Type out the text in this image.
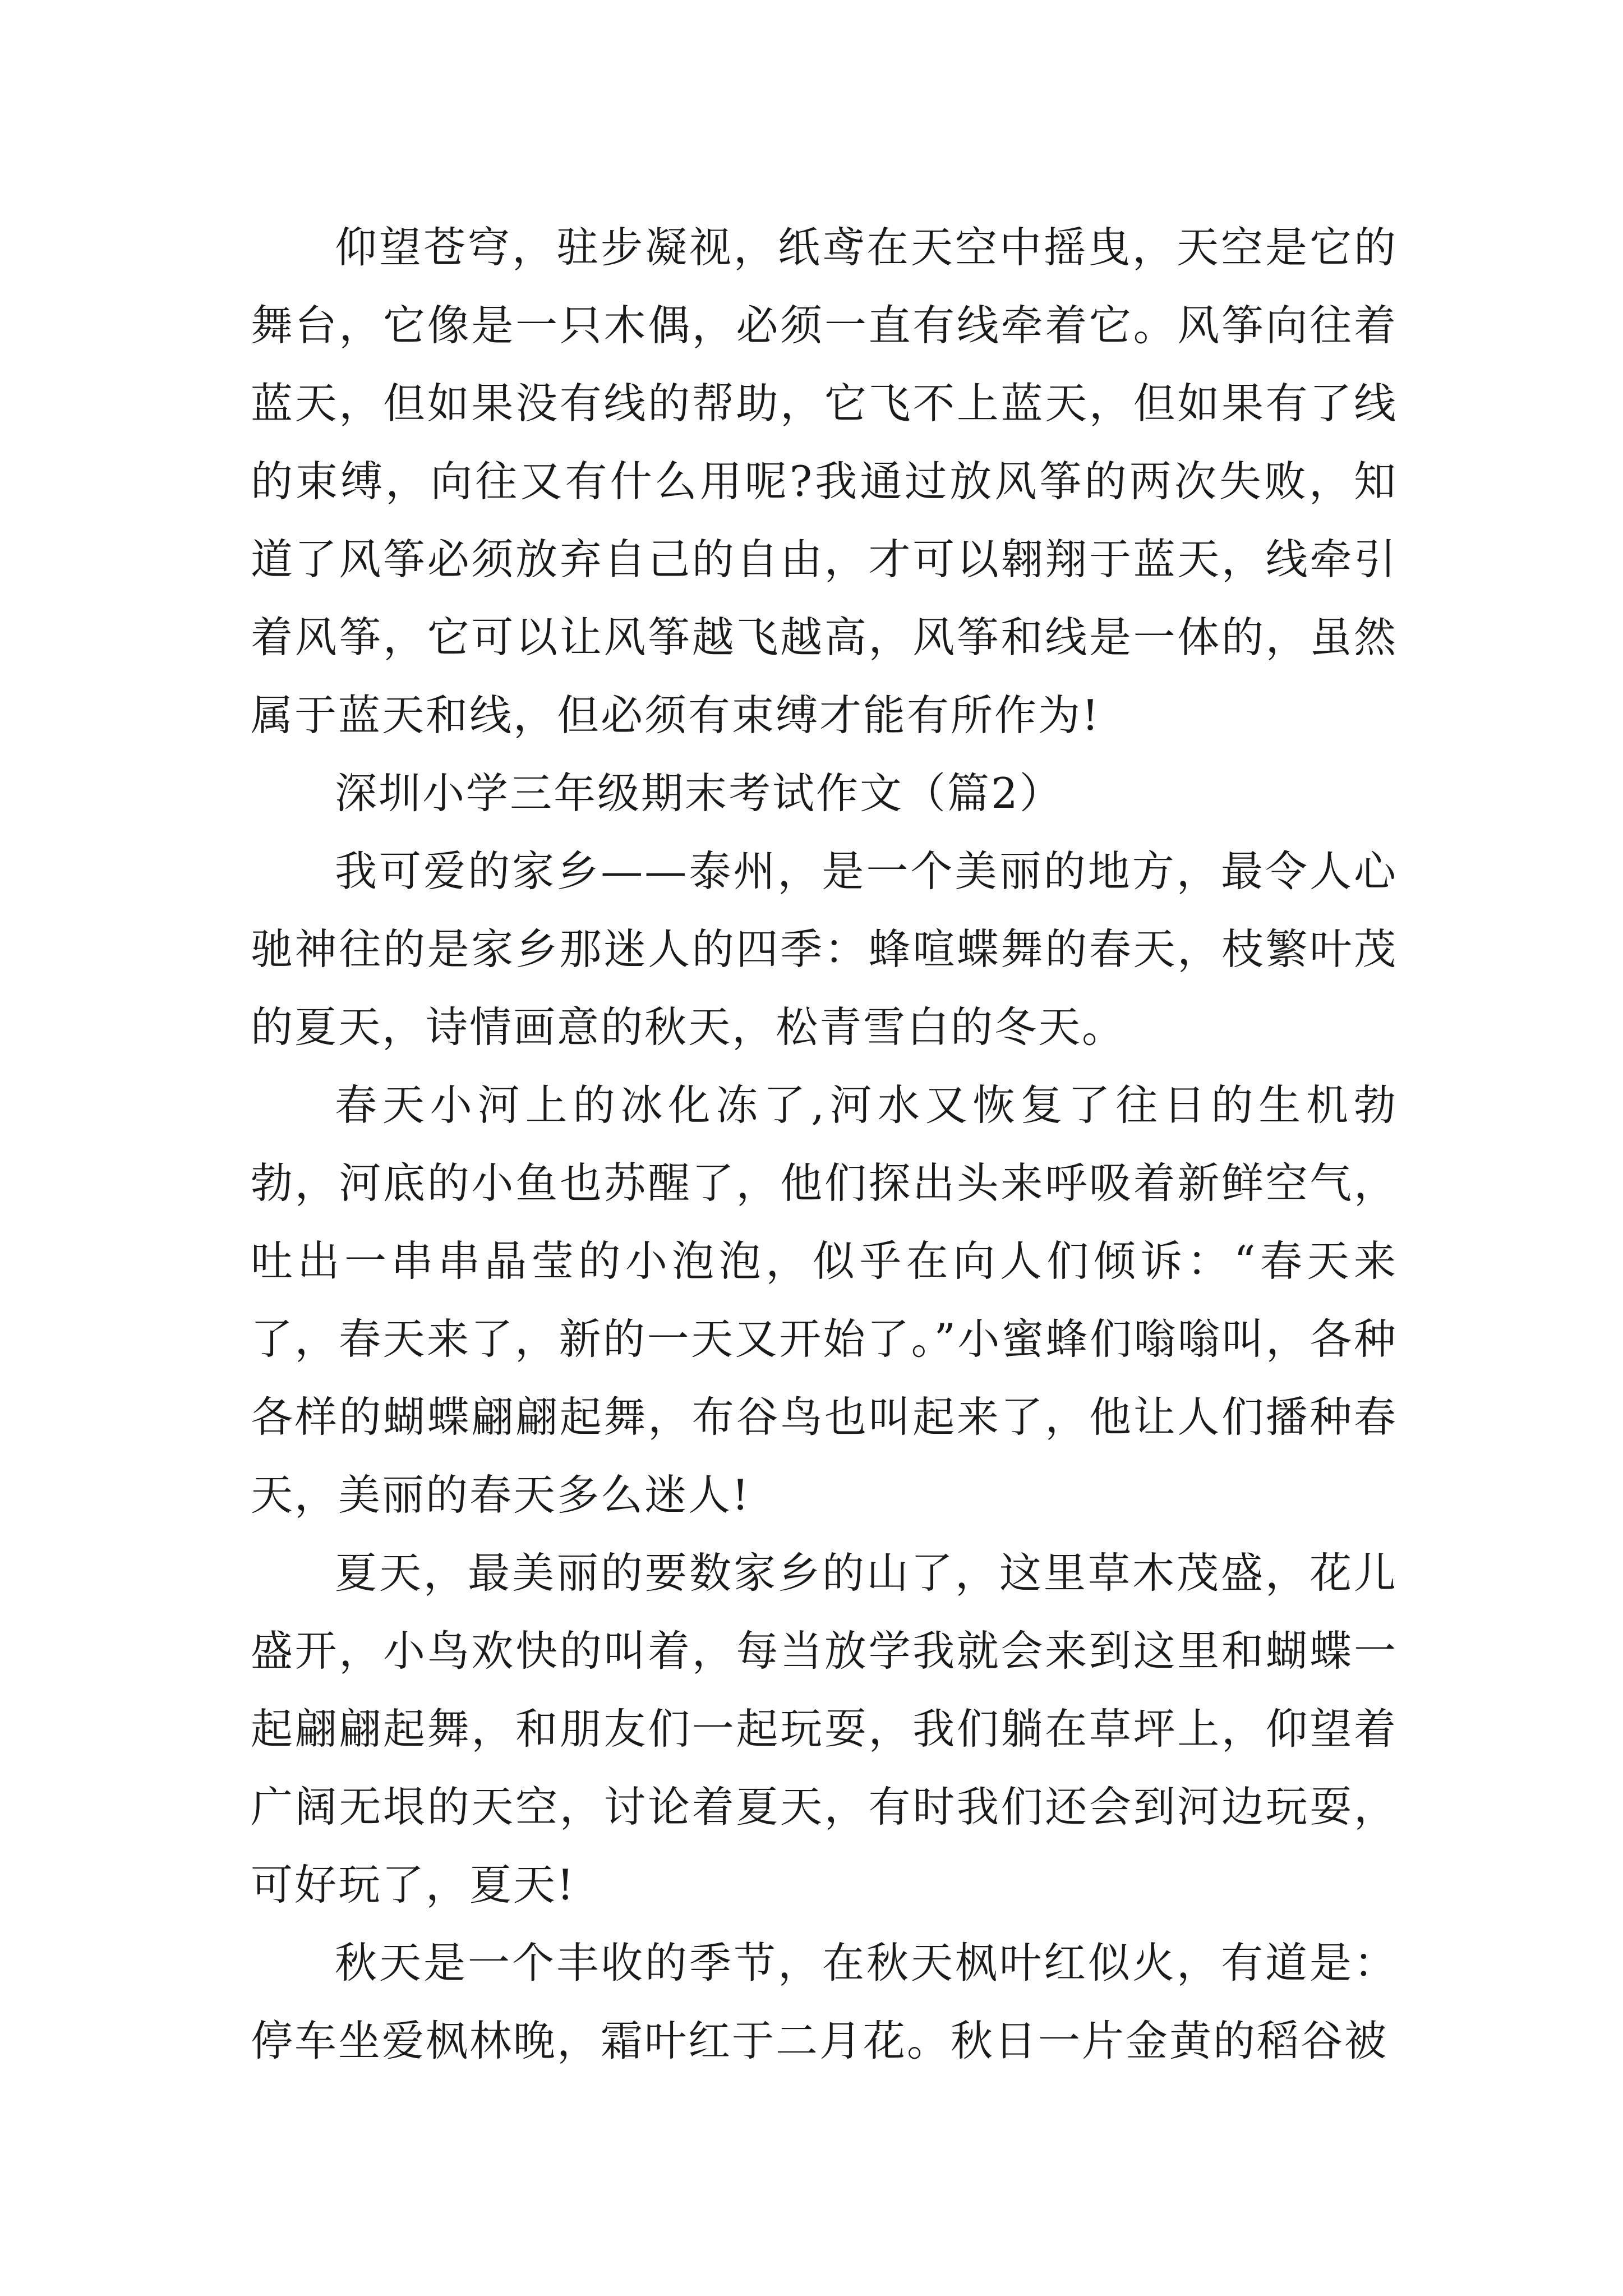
仰望苍穹，驻步凝视，纸鸢在天空中摇曳，天空是它的舞台，它像是一只木偶，必须一直有线牵着它。风筝向往着蓝天，但如果没有线的帮助，它飞不上蓝天，但如果有了线的束缚，向往又有什么用呢?我通过放风筝的两次失败，知道了风筝必须放弃自己的自由，才可以翱翔于蓝天，线牵引着风筝，它可以让风筝越飞越高，风筝和线是一体的，虽然属于蓝天和线，但必须有束缚才能有所作为!

深圳小学三年级期末考试作文（篇2）

我可爱的家乡——泰州，是一个美丽的地方，最令人心驰神往的是家乡那迷人的四季：蜂喧蝶舞的春天，枝繁叶茂的夏天，诗情画意的秋天，松青雪白的冬天。

春天小河上的冰化冻了,河水又恢复了往日的生机勃勃，河底的小鱼也苏醒了，他们探出头来呼吸着新鲜空气，吐出一串串晶莹的小泡泡，似乎在向人们倾诉：“春天来了，春天来了，新的一天又开始了。”小蜜蜂们嗡嗡叫，各种各样的蝴蝶翩翩起舞，布谷鸟也叫起来了，他让人们播种春天，美丽的春天多么迷人!

夏天，最美丽的要数家乡的山了，这里草木茂盛，花儿盛开，小鸟欢快的叫着，每当放学我就会来到这里和蝴蝶一起翩翩起舞，和朋友们一起玩耍，我们躺在草坪上，仰望着广阔无垠的天空，讨论着夏天，有时我们还会到河边玩耍，可好玩了，夏天!

秋天是一个丰收的季节，在秋天枫叶红似火，有道是：停车坐爱枫林晚，霜叶红于二月花。秋日一片金黄的稻谷被
